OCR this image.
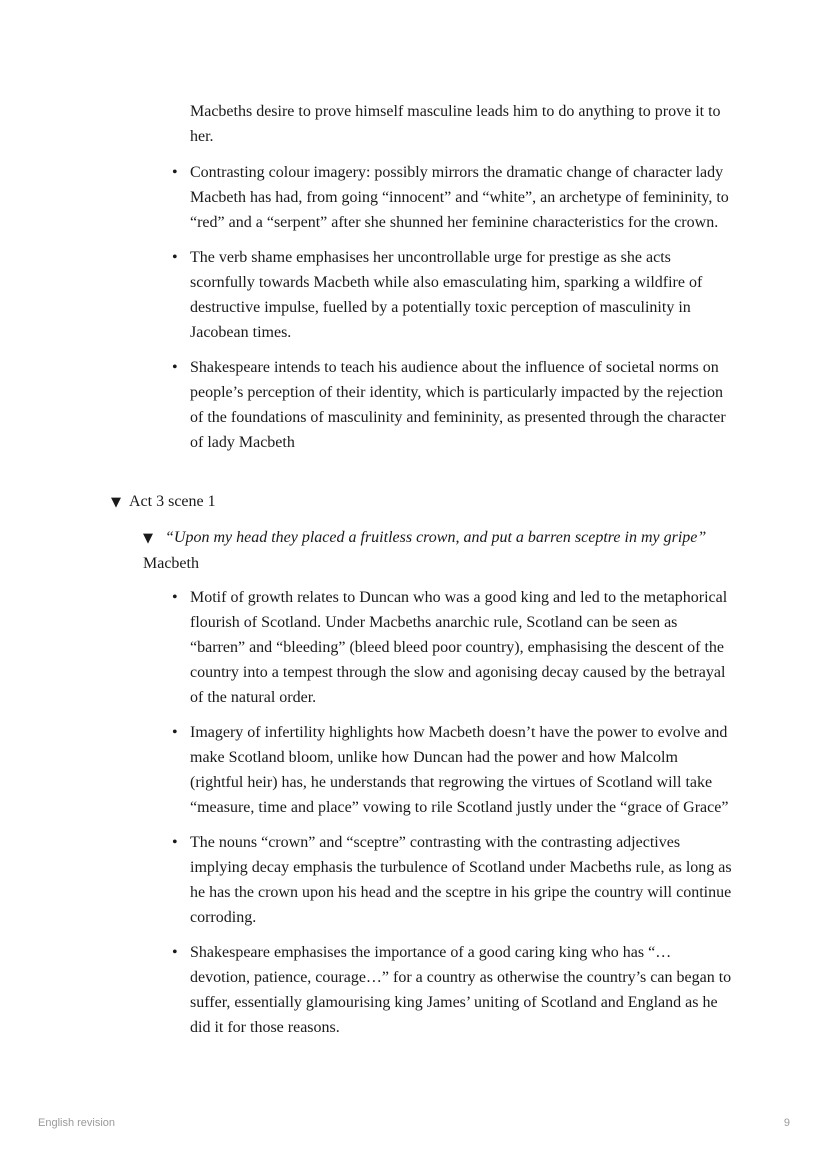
Macbeths desire to prove himself masculine leads him to do anything to prove it to her.
• Contrasting colour imagery: possibly mirrors the dramatic change of character lady Macbeth has had, from going “innocent” and “white”, an archetype of femininity, to “red” and a “serpent” after she shunned her feminine characteristics for the crown.
• The verb shame emphasises her uncontrollable urge for prestige as she acts scornfully towards Macbeth while also emasculating him, sparking a wildfire of destructive impulse, fuelled by a potentially toxic perception of masculinity in Jacobean times.
• Shakespeare intends to teach his audience about the influence of societal norms on people’s perception of their identity, which is particularly impacted by the rejection of the foundations of masculinity and femininity, as presented through the character of lady Macbeth
▼ Act 3 scene 1
▼ “Upon my head they placed a fruitless crown, and put a barren sceptre in my gripe”
Macbeth
• Motif of growth relates to Duncan who was a good king and led to the metaphorical flourish of Scotland. Under Macbeths anarchic rule, Scotland can be seen as “barren” and “bleeding” (bleed bleed poor country), emphasising the descent of the country into a tempest through the slow and agonising decay caused by the betrayal of the natural order.
• Imagery of infertility highlights how Macbeth doesn’t have the power to evolve and make Scotland bloom, unlike how Duncan had the power and how Malcolm (rightful heir) has, he understands that regrowing the virtues of Scotland will take “measure, time and place” vowing to rile Scotland justly under the “grace of Grace”
• The nouns “crown” and “sceptre” contrasting with the contrasting adjectives implying decay emphasis the turbulence of Scotland under Macbeths rule, as long as he has the crown upon his head and the sceptre in his gripe the country will continue corroding.
• Shakespeare emphasises the importance of a good caring king who has “… devotion, patience, courage…” for a country as otherwise the country’s can began to suffer, essentially glamourising king James’ uniting of Scotland and England as he did it for those reasons.
English revision	9
